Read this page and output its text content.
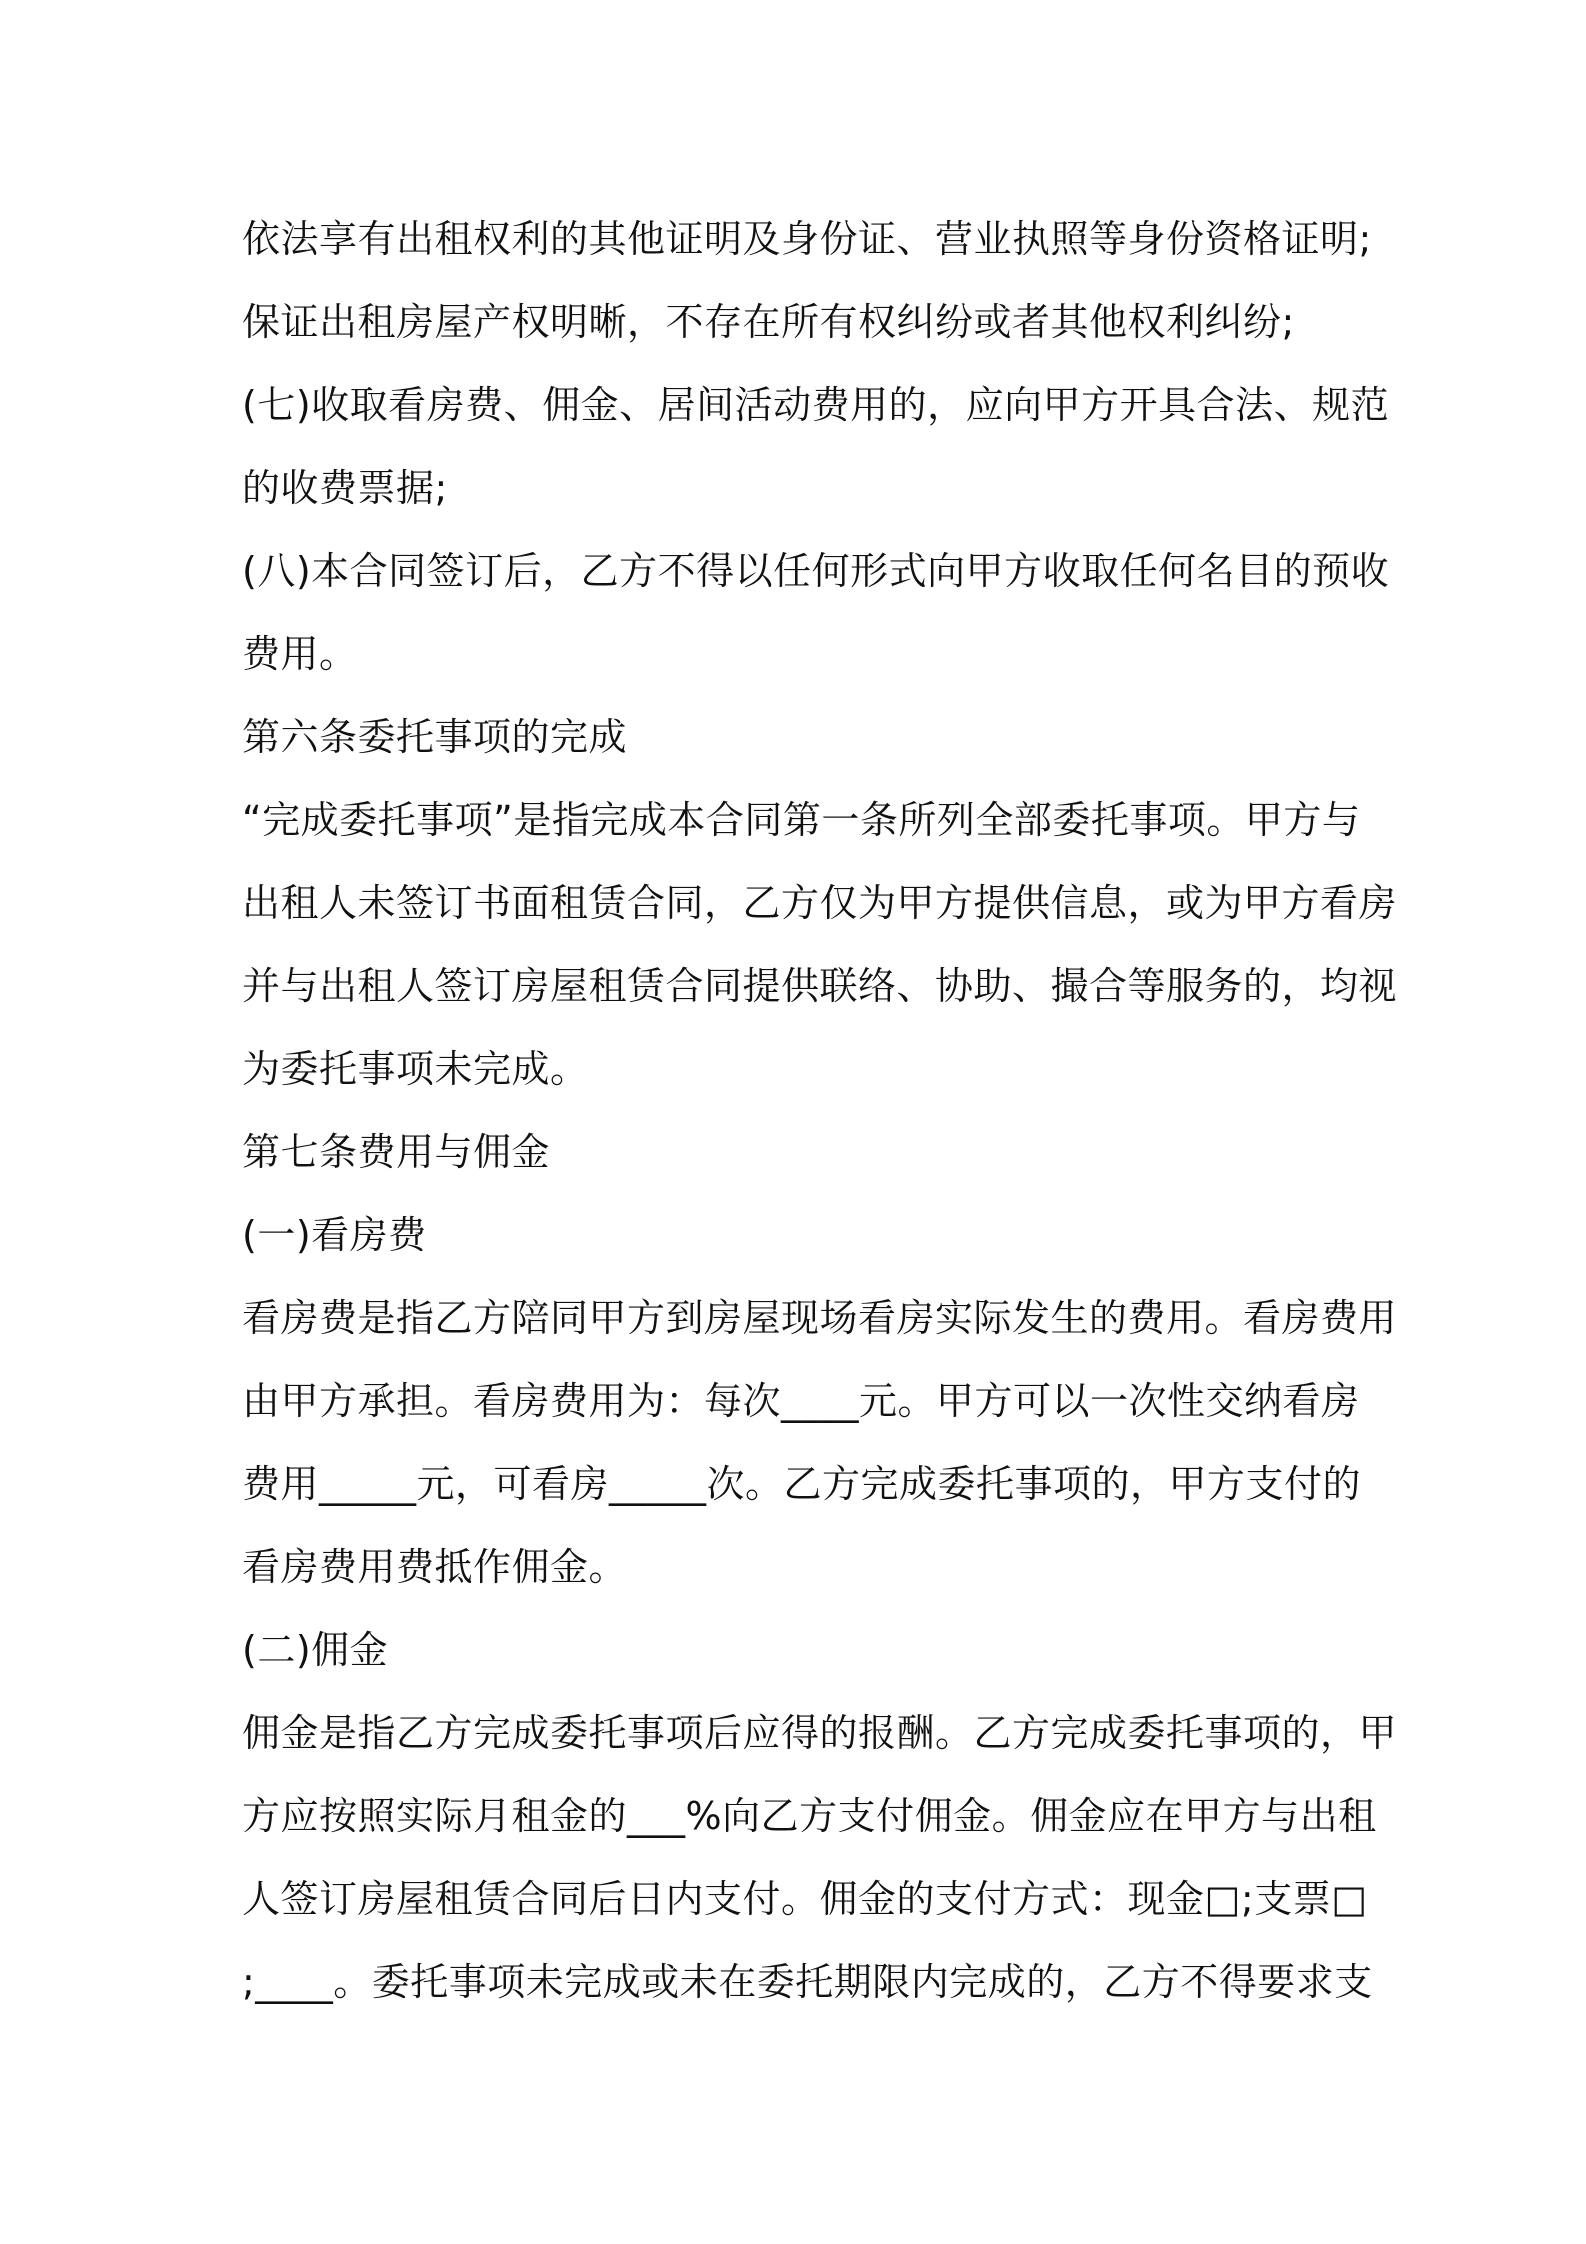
依法享有出租权利的其他证明及身份证、营业执照等身份资格证明;
保证出租房屋产权明晰，不存在所有权纠纷或者其他权利纠纷;
(七)收取看房费、佣金、居间活动费用的，应向甲方开具合法、规范
的收费票据;
(八)本合同签订后，乙方不得以任何形式向甲方收取任何名目的预收
费用。
第六条委托事项的完成
“完成委托事项”是指完成本合同第一条所列全部委托事项。甲方与
出租人未签订书面租赁合同，乙方仅为甲方提供信息，或为甲方看房
并与出租人签订房屋租赁合同提供联络、协助、撮合等服务的，均视
为委托事项未完成。
第七条费用与佣金
(一)看房费
看房费是指乙方陪同甲方到房屋现场看房实际发生的费用。看房费用
由甲方承担。看房费用为：每次____元。甲方可以一次性交纳看房
费用_____元，可看房_____次。乙方完成委托事项的，甲方支付的
看房费用费抵作佣金。
(二)佣金
佣金是指乙方完成委托事项后应得的报酬。乙方完成委托事项的，甲
方应按照实际月租金的___%向乙方支付佣金。佣金应在甲方与出租
人签订房屋租赁合同后日内支付。佣金的支付方式：现金□;支票□
;____。委托事项未完成或未在委托期限内完成的，乙方不得要求支
